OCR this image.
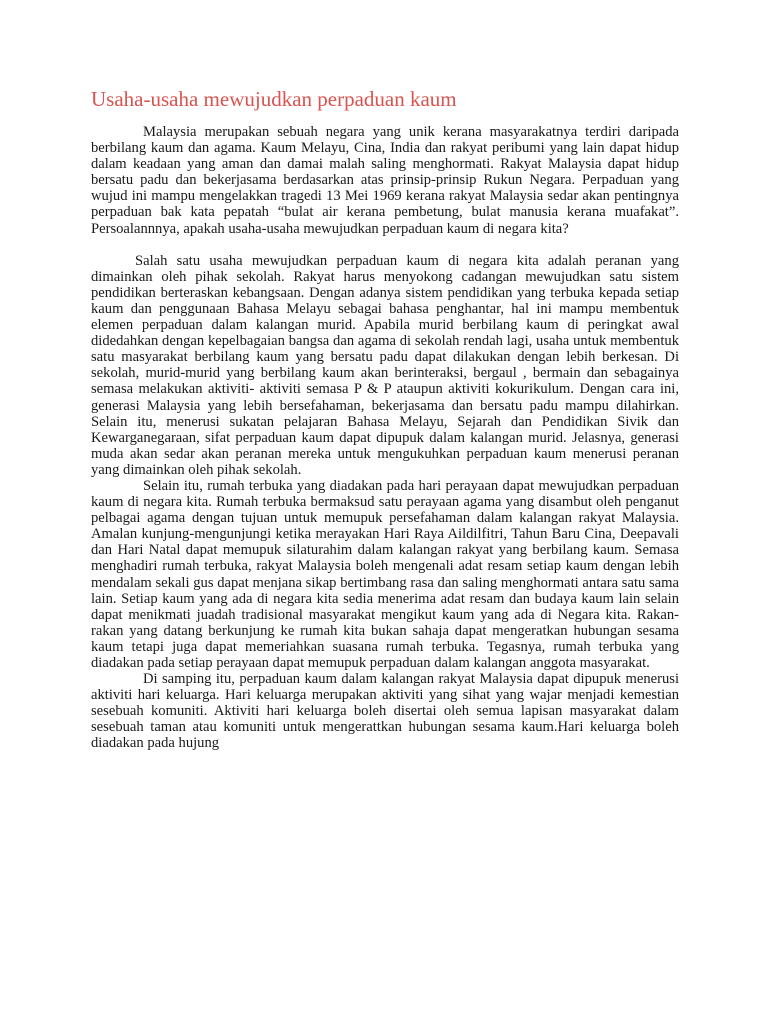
Usaha-usaha mewujudkan perpaduan kaum

Malaysia merupakan sebuah negara yang unik kerana masyarakatnya terdiri daripada berbilang kaum dan agama. Kaum Melayu, Cina, India dan rakyat peribumi yang lain dapat hidup dalam keadaan yang aman dan damai malah saling menghormati. Rakyat Malaysia dapat hidup bersatu padu dan bekerjasama berdasarkan atas prinsip-prinsip Rukun Negara. Perpaduan yang wujud ini mampu mengelakkan tragedi 13 Mei 1969 kerana rakyat Malaysia sedar akan pentingnya perpaduan bak kata pepatah “bulat air kerana pembetung, bulat manusia kerana muafakat”. Persoalannnya, apakah usaha-usaha mewujudkan perpaduan kaum di negara kita?

Salah satu usaha mewujudkan perpaduan kaum di negara kita adalah peranan yang dimainkan oleh pihak sekolah. Rakyat harus menyokong cadangan mewujudkan satu sistem pendidikan berteraskan kebangsaan. Dengan adanya sistem pendidikan yang terbuka kepada setiap kaum dan penggunaan Bahasa Melayu sebagai bahasa penghantar, hal ini mampu membentuk elemen perpaduan dalam kalangan murid. Apabila murid berbilang kaum di peringkat awal didedahkan dengan kepelbagaian bangsa dan agama di sekolah rendah lagi, usaha untuk membentuk satu masyarakat berbilang kaum yang bersatu padu dapat dilakukan dengan lebih berkesan. Di sekolah, murid-murid yang berbilang kaum akan berinteraksi, bergaul , bermain dan sebagainya semasa melakukan aktiviti- aktiviti semasa P & P ataupun aktiviti kokurikulum. Dengan cara ini, generasi Malaysia yang lebih bersefahaman, bekerjasama dan bersatu padu mampu dilahirkan. Selain itu, menerusi sukatan pelajaran Bahasa Melayu, Sejarah dan Pendidikan Sivik dan Kewarganegaraan, sifat perpaduan kaum dapat dipupuk dalam kalangan murid. Jelasnya, generasi muda akan sedar akan peranan mereka untuk mengukuhkan perpaduan kaum menerusi peranan yang dimainkan oleh pihak sekolah.

Selain itu, rumah terbuka yang diadakan pada hari perayaan dapat mewujudkan perpaduan kaum di negara kita. Rumah terbuka bermaksud satu perayaan agama yang disambut oleh penganut pelbagai agama dengan tujuan untuk memupuk persefahaman dalam kalangan rakyat Malaysia. Amalan kunjung-mengunjungi ketika merayakan Hari Raya Aildilfitri, Tahun Baru Cina, Deepavali dan Hari Natal dapat memupuk silaturahim dalam kalangan rakyat yang berbilang kaum. Semasa menghadiri rumah terbuka, rakyat Malaysia boleh mengenali adat resam setiap kaum dengan lebih mendalam sekali gus dapat menjana sikap bertimbang rasa dan saling menghormati antara satu sama lain. Setiap kaum yang ada di negara kita sedia menerima adat resam dan budaya kaum lain selain dapat menikmati juadah tradisional masyarakat mengikut kaum yang ada di Negara kita. Rakan-rakan yang datang berkunjung ke rumah kita bukan sahaja dapat mengeratkan hubungan sesama kaum tetapi juga dapat memeriahkan suasana rumah terbuka. Tegasnya, rumah terbuka yang diadakan pada setiap perayaan dapat memupuk perpaduan dalam kalangan anggota masyarakat.

Di samping itu, perpaduan kaum dalam kalangan rakyat Malaysia dapat dipupuk menerusi aktiviti hari keluarga. Hari keluarga merupakan aktiviti yang sihat yang wajar menjadi kemestian sesebuah komuniti. Aktiviti hari keluarga boleh disertai oleh semua lapisan masyarakat dalam sesebuah taman atau komuniti untuk mengerattkan hubungan sesama kaum.Hari keluarga boleh diadakan pada hujung
